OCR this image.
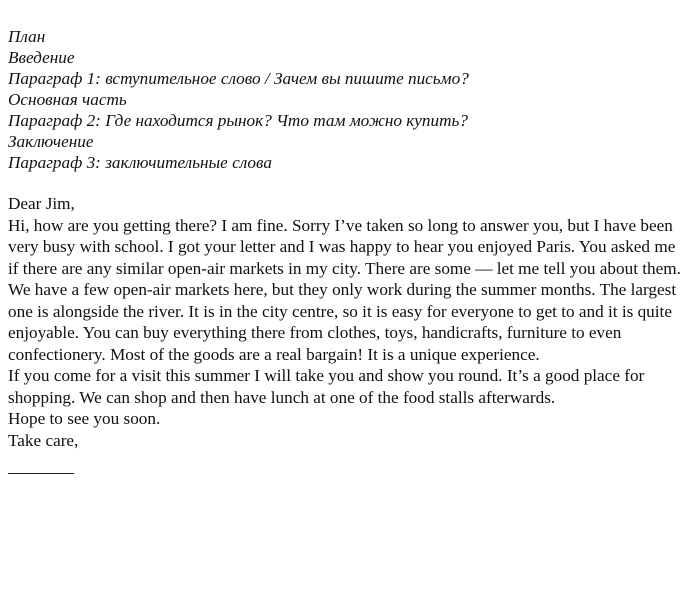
План
Введение
Параграф 1: вступительное слово / Зачем вы пишите письмо?
Основная часть
Параграф 2: Где находится рынок? Что там можно купить?
Заключение
Параграф 3: заключительные слова

Dear Jim,

Hi, how are you getting there? I am fine. Sorry I’ve taken so long to answer you, but I have been very busy with school. I got your letter and I was happy to hear you enjoyed Paris. You asked me if there are any similar open-air markets in my city. There are some — let me tell you about them.

We have a few open-air markets here, but they only work during the summer months. The largest one is alongside the river. It is in the city centre, so it is easy for everyone to get to and it is quite enjoyable. You can buy everything there from clothes, toys, handicrafts, furniture to even confectionery. Most of the goods are a real bargain! It is a unique experience.

If you come for a visit this summer I will take you and show you round. It’s a good place for shopping. We can shop and then have lunch at one of the food stalls afterwards.

Hope to see you soon.

Take care,
